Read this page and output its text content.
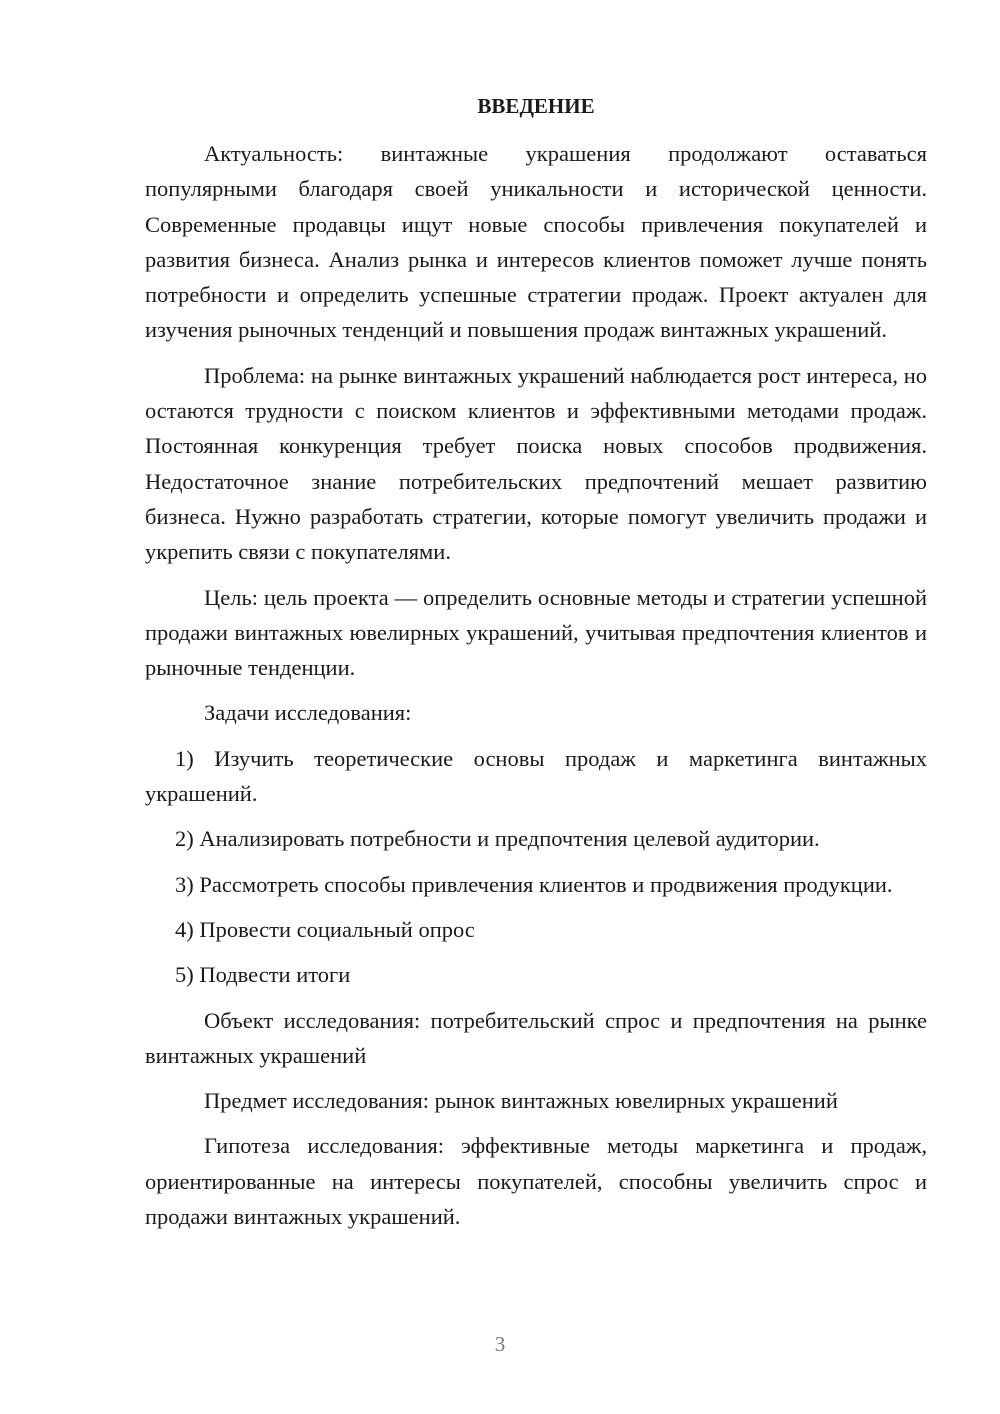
ВВЕДЕНИЕ

Актуальность: винтажные украшения продолжают оставаться популярными благодаря своей уникальности и исторической ценности. Современные продавцы ищут новые способы привлечения покупателей и развития бизнеса. Анализ рынка и интересов клиентов поможет лучше понять потребности и определить успешные стратегии продаж. Проект актуален для изучения рыночных тенденций и повышения продаж винтажных украшений.

Проблема: на рынке винтажных украшений наблюдается рост интереса, но остаются трудности с поиском клиентов и эффективными методами продаж. Постоянная конкуренция требует поиска новых способов продвижения. Недостаточное знание потребительских предпочтений мешает развитию бизнеса. Нужно разработать стратегии, которые помогут увеличить продажи и укрепить связи с покупателями.

Цель: цель проекта — определить основные методы и стратегии успешной продажи винтажных ювелирных украшений, учитывая предпочтения клиентов и рыночные тенденции.

Задачи исследования:

1) Изучить теоретические основы продаж и маркетинга винтажных украшений.

2) Анализировать потребности и предпочтения целевой аудитории.

3) Рассмотреть способы привлечения клиентов и продвижения продукции.

4) Провести социальный опрос

5) Подвести итоги

Объект исследования: потребительский спрос и предпочтения на рынке винтажных украшений

Предмет исследования: рынок винтажных ювелирных украшений

Гипотеза исследования: эффективные методы маркетинга и продаж, ориентированные на интересы покупателей, способны увеличить спрос и продажи винтажных украшений.

3
